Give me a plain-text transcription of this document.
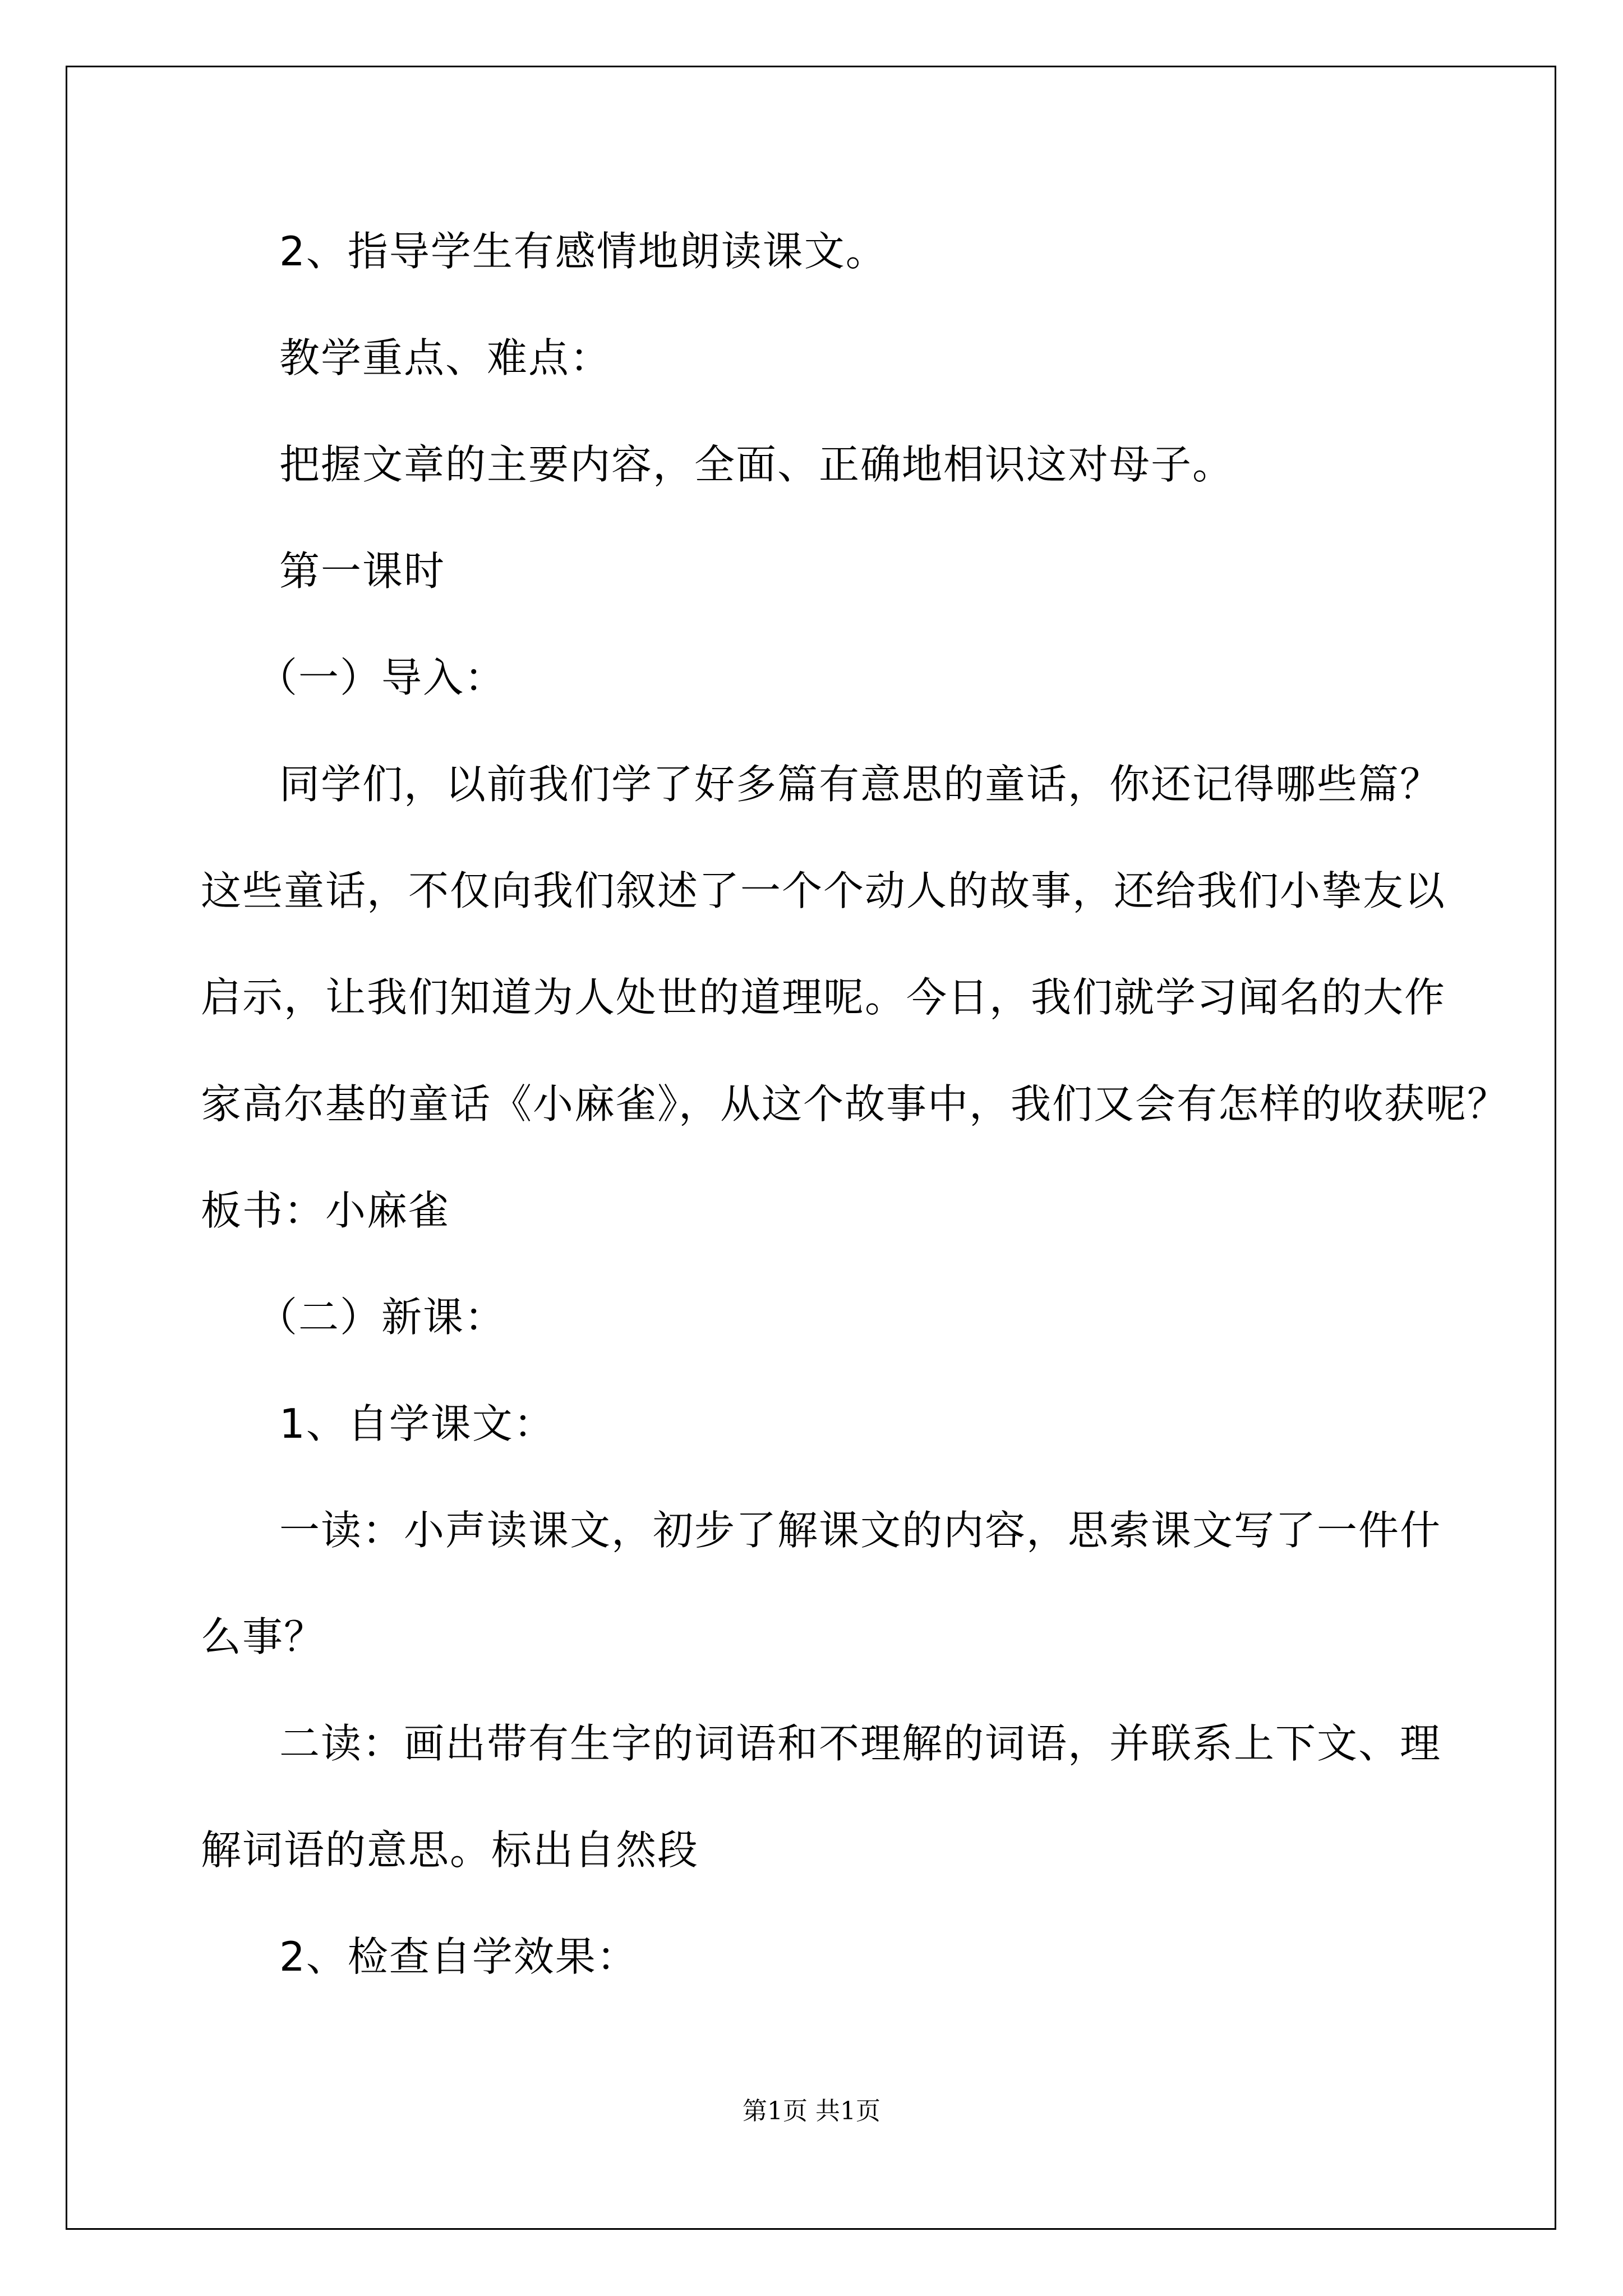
2、指导学生有感情地朗读课文。
教学重点、难点：
把握文章的主要内容，全面、正确地相识这对母子。
第一课时
（一）导入：
同学们，以前我们学了好多篇有意思的童话，你还记得哪些篇？
这些童话，不仅向我们叙述了一个个动人的故事，还给我们小挚友以
启示，让我们知道为人处世的道理呢。今日，我们就学习闻名的大作
家高尔基的童话《小麻雀》，从这个故事中，我们又会有怎样的收获呢？
板书：小麻雀
（二）新课：
1、自学课文：
一读：小声读课文，初步了解课文的内容，思索课文写了一件什
么事？
二读：画出带有生字的词语和不理解的词语，并联系上下文、理
解词语的意思。标出自然段
2、检查自学效果：
第1页 共1页
